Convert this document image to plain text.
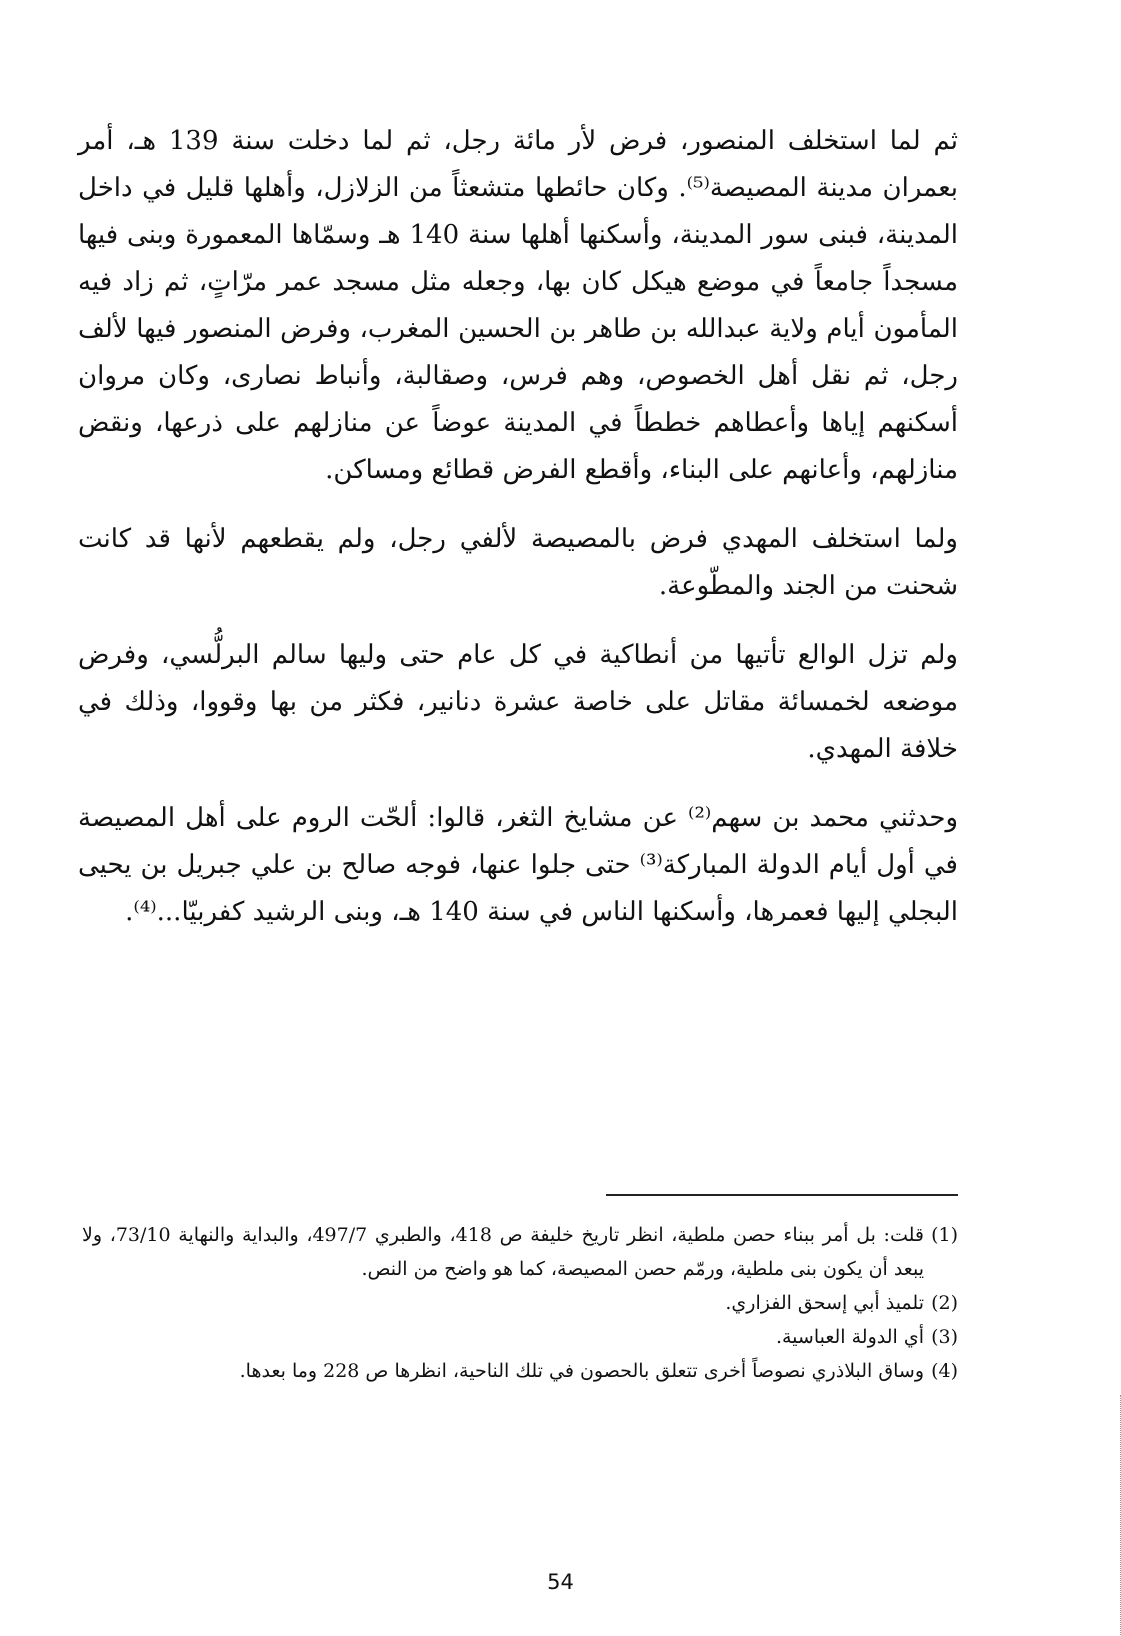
ثم لما استخلف المنصور، فرض لأر مائة رجل، ثم لما دخلت سنة 139 هـ، أمر بعمران مدينة المصيصة⁽⁵⁾. وكان حائطها متشعثاً من الزلازل، وأهلها قليل في داخل المدينة، فبنى سور المدينة، وأسكنها أهلها سنة 140 هـ وسمّاها المعمورة وبنى فيها مسجداً جامعاً في موضع هيكل كان بها، وجعله مثل مسجد عمر مرّاتٍ، ثم زاد فيه المأمون أيام ولاية عبدالله بن طاهر بن الحسين المغرب، وفرض المنصور فيها لألف رجل، ثم نقل أهل الخصوص، وهم فرس، وصقالبة، وأنباط نصارى، وكان مروان أسكنهم إياها وأعطاهم خططاً في المدينة عوضاً عن منازلهم على ذرعها، ونقض منازلهم، وأعانهم على البناء، وأقطع الفرض قطائع ومساكن.

ولما استخلف المهدي فرض بالمصيصة لألفي رجل، ولم يقطعهم لأنها قد كانت شحنت من الجند والمطّوعة.

ولم تزل الوالع تأتيها من أنطاكية في كل عام حتى وليها سالم البرلُّسي، وفرض موضعه لخمسائة مقاتل على خاصة عشرة دنانير، فكثر من بها وقووا، وذلك في خلافة المهدي.

وحدثني محمد بن سهم⁽²⁾ عن مشايخ الثغر، قالوا: ألحّت الروم على أهل المصيصة في أول أيام الدولة المباركة⁽³⁾ حتى جلوا عنها، فوجه صالح بن علي جبريل بن يحيى البجلي إليها فعمرها، وأسكنها الناس في سنة 140 هـ، وبنى الرشيد كفربيّا...⁽⁴⁾.

(1)
قلت: بل أمر ببناء حصن ملطية، انظر تاريخ خليفة ص 418، والطبري 497/7، والبداية والنهاية 73/10، ولا يبعد أن يكون بنى ملطية، ورمّم حصن المصيصة، كما هو واضح من النص.
(2)
تلميذ أبي إسحق الفزاري.
(3)
أي الدولة العباسية.
(4)
وساق البلاذري نصوصاً أخرى تتعلق بالحصون في تلك الناحية، انظرها ص 228 وما بعدها.
54
